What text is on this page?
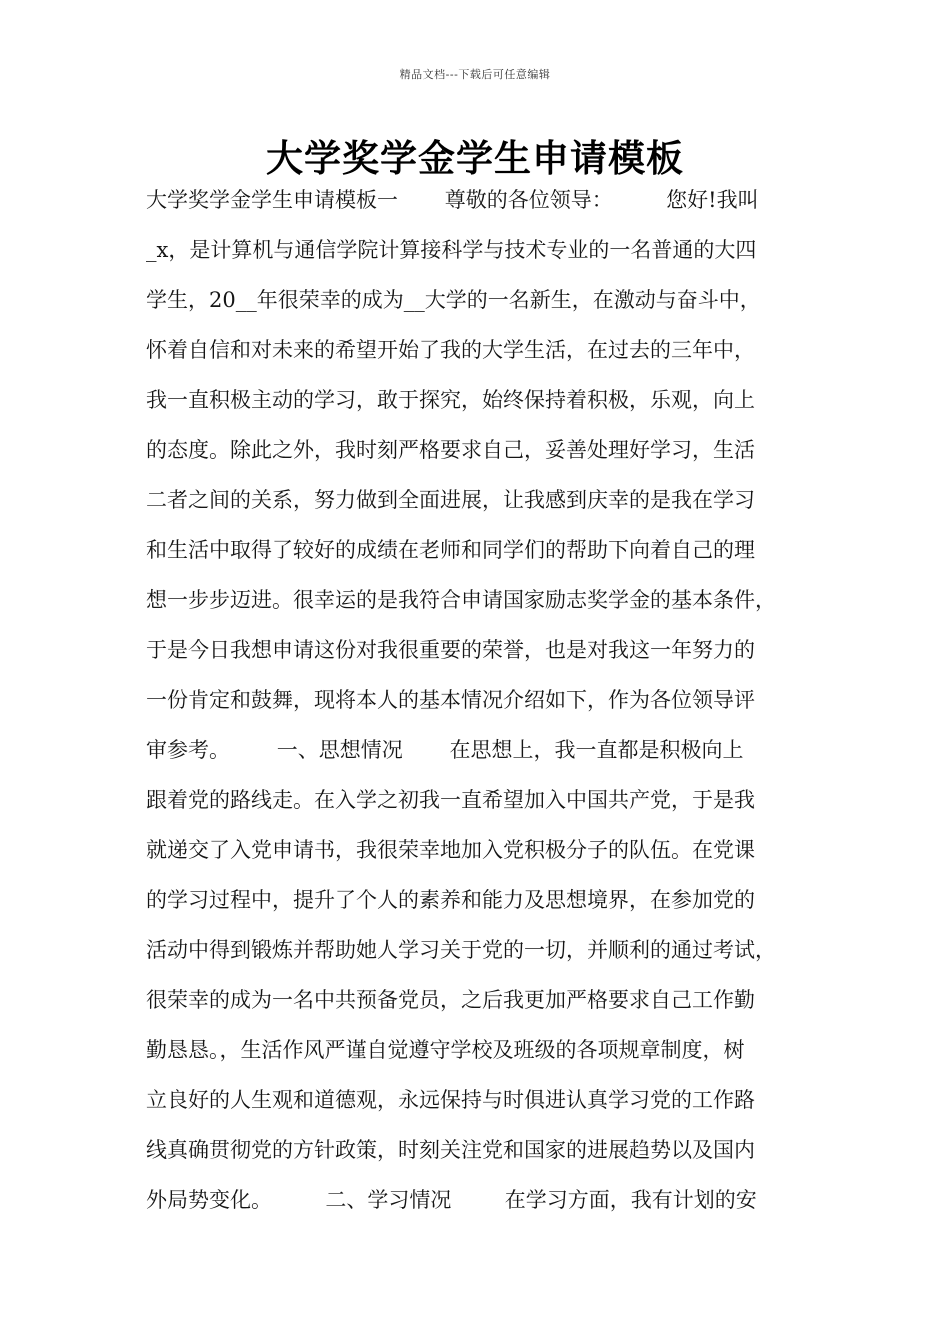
精品文档---下载后可任意编辑
大学奖学金学生申请模板
大学奖学金学生申请模板一       尊敬的各位领导：        您好!我叫
_x，是计算机与通信学院计算接科学与技术专业的一名普通的大四
学生，20__年很荣幸的成为__大学的一名新生，在激动与奋斗中，
怀着自信和对未来的希望开始了我的大学生活，在过去的三年中，
我一直积极主动的学习，敢于探究，始终保持着积极，乐观，向上
的态度。除此之外，我时刻严格要求自己，妥善处理好学习，生活
二者之间的关系，努力做到全面进展，让我感到庆幸的是我在学习
和生活中取得了较好的成绩在老师和同学们的帮助下向着自己的理
想一步步迈进。很幸运的是我符合申请国家励志奖学金的基本条件，
于是今日我想申请这份对我很重要的荣誉，也是对我这一年努力的
一份肯定和鼓舞，现将本人的基本情况介绍如下，作为各位领导评
审参考。       一、思想情况       在思想上，我一直都是积极向上
跟着党的路线走。在入学之初我一直希望加入中国共产党，于是我
就递交了入党申请书，我很荣幸地加入党积极分子的队伍。在党课
的学习过程中，提升了个人的素养和能力及思想境界，在参加党的
活动中得到锻炼并帮助她人学习关于党的一切，并顺利的通过考试，
很荣幸的成为一名中共预备党员，之后我更加严格要求自己工作勤
勤恳恳。，生活作风严谨自觉遵守学校及班级的各项规章制度，树
立良好的人生观和道德观，永远保持与时俱进认真学习党的工作路
线真确贯彻党的方针政策，时刻关注党和国家的进展趋势以及国内
外局势变化。        二、学习情况        在学习方面，我有计划的安
